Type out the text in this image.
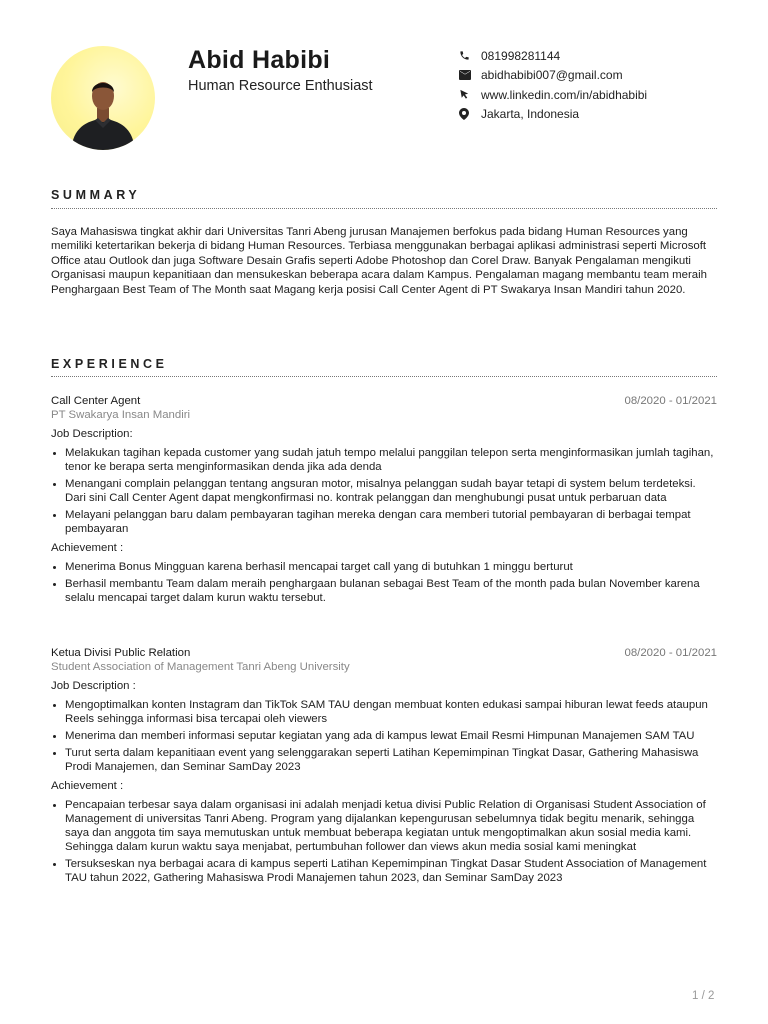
Abid Habibi
Human Resource Enthusiast
081998281144
abidhabibi007@gmail.com
www.linkedin.com/in/abidhabibi
Jakarta, Indonesia
SUMMARY
Saya Mahasiswa tingkat akhir dari Universitas Tanri Abeng jurusan Manajemen berfokus pada bidang Human Resources yang memiliki ketertarikan bekerja di bidang Human Resources. Terbiasa menggunakan berbagai aplikasi administrasi seperti Microsoft Office atau Outlook dan juga Software Desain Grafis seperti Adobe Photoshop dan Corel Draw. Banyak Pengalaman mengikuti Organisasi maupun kepanitiaan dan mensukeskan beberapa acara dalam Kampus. Pengalaman magang membantu team meraih Penghargaan Best Team of The Month saat Magang kerja posisi Call Center Agent di PT Swakarya Insan Mandiri tahun 2020.
EXPERIENCE
Call Center Agent	08/2020 - 01/2021
PT Swakarya Insan Mandiri
Job Description:
Melakukan tagihan kepada customer yang sudah jatuh tempo melalui panggilan telepon serta menginformasikan jumlah tagihan, tenor ke berapa serta menginformasikan denda jika ada denda
Menangani complain pelanggan tentang angsuran motor, misalnya pelanggan sudah bayar tetapi di system belum terdeteksi. Dari sini Call Center Agent dapat mengkonfirmasi no. kontrak pelanggan dan menghubungi pusat untuk perbaruan data
Melayani pelanggan baru dalam pembayaran tagihan mereka dengan cara memberi tutorial pembayaran di berbagai tempat pembayaran
Achievement :
Menerima Bonus Mingguan karena berhasil mencapai target call yang di butuhkan 1 minggu berturut
Berhasil membantu Team dalam meraih penghargaan bulanan sebagai Best Team of the month pada bulan November karena selalu mencapai target dalam kurun waktu tersebut.
Ketua Divisi Public Relation	08/2020 - 01/2021
Student Association of Management Tanri Abeng University
Job Description :
Mengoptimalkan konten Instagram dan TikTok SAM TAU dengan membuat konten edukasi sampai hiburan lewat feeds ataupun Reels sehingga informasi bisa tercapai oleh viewers
Menerima dan memberi informasi seputar kegiatan yang ada di kampus lewat Email Resmi Himpunan Manajemen SAM TAU
Turut serta dalam kepanitiaan event yang selenggarakan seperti Latihan Kepemimpinan Tingkat Dasar, Gathering Mahasiswa Prodi Manajemen, dan Seminar SamDay 2023
Achievement :
Pencapaian terbesar saya dalam organisasi ini adalah menjadi ketua divisi Public Relation di Organisasi Student Association of Management di universitas Tanri Abeng. Program yang dijalankan kepengurusan sebelumnya tidak begitu menarik, sehingga saya dan anggota tim saya memutuskan untuk membuat beberapa kegiatan untuk mengoptimalkan akun sosial media kami. Sehingga dalam kurun waktu saya menjabat, pertumbuhan follower dan views akun media sosial kami meningkat
Tersukseskan nya berbagai acara di kampus seperti Latihan Kepemimpinan Tingkat Dasar Student Association of Management TAU tahun 2022, Gathering Mahasiswa Prodi Manajemen tahun 2023, dan Seminar SamDay 2023
1 / 2
